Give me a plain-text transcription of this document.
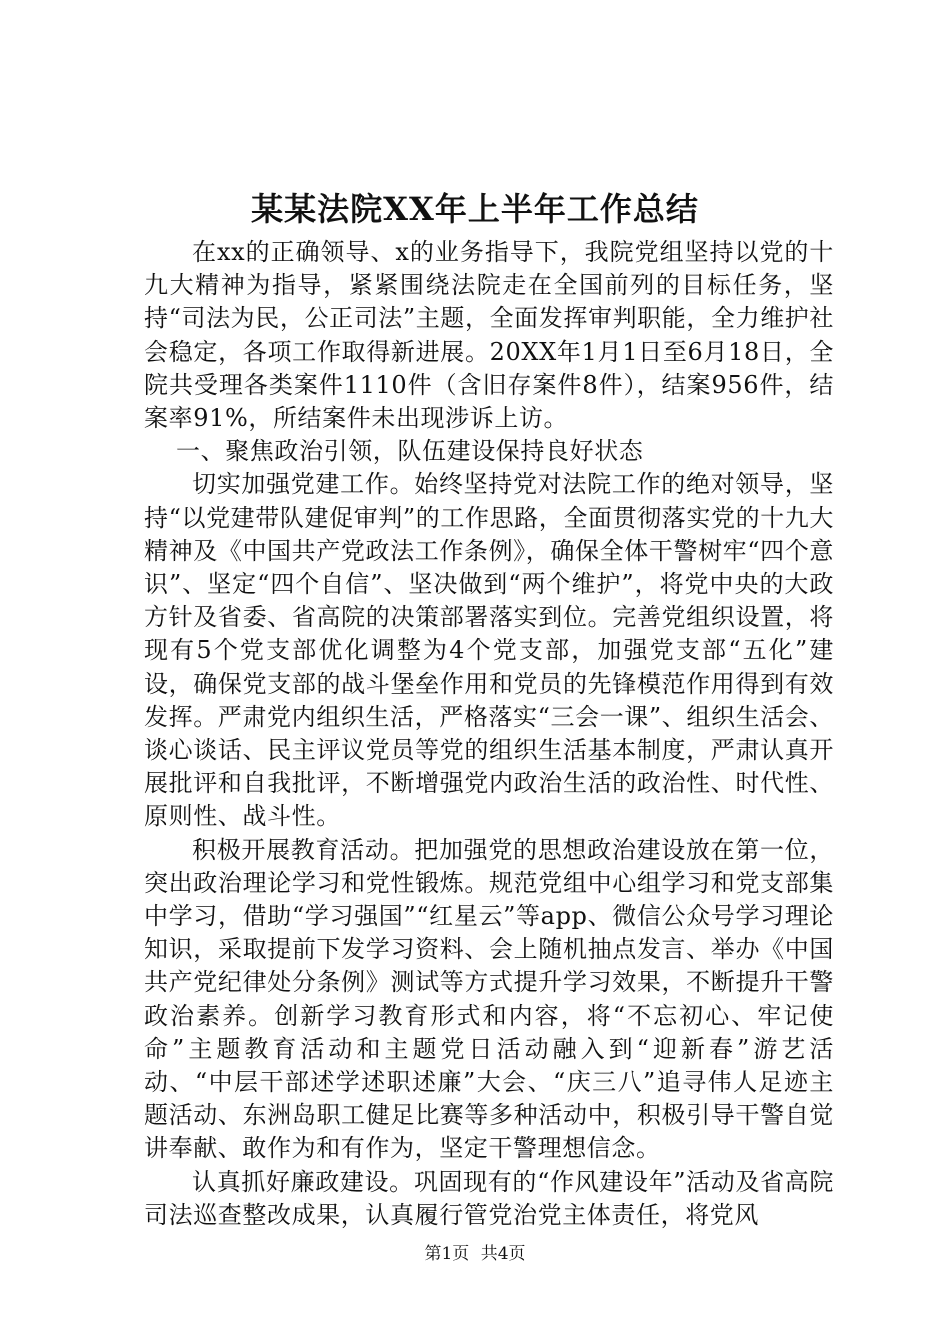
某某法院XX年上半年工作总结

在xx的正确领导、x的业务指导下，我院党组坚持以党的十九大精神为指导，紧紧围绕法院走在全国前列的目标任务，坚持“司法为民，公正司法”主题，全面发挥审判职能，全力维护社会稳定，各项工作取得新进展。20XX年1月1日至6月18日，全院共受理各类案件1110件（含旧存案件8件），结案956件，结案率91%，所结案件未出现涉诉上访。

一、聚焦政治引领，队伍建设保持良好状态

切实加强党建工作。始终坚持党对法院工作的绝对领导，坚持“以党建带队建促审判”的工作思路，全面贯彻落实党的十九大精神及《中国共产党政法工作条例》，确保全体干警树牢“四个意识”、坚定“四个自信”、坚决做到“两个维护”，将党中央的大政方针及省委、省高院的决策部署落实到位。完善党组织设置，将现有5个党支部优化调整为4个党支部，加强党支部“五化”建设，确保党支部的战斗堡垒作用和党员的先锋模范作用得到有效发挥。严肃党内组织生活，严格落实“三会一课”、组织生活会、谈心谈话、民主评议党员等党的组织生活基本制度，严肃认真开展批评和自我批评，不断增强党内政治生活的政治性、时代性、原则性、战斗性。

积极开展教育活动。把加强党的思想政治建设放在第一位，突出政治理论学习和党性锻炼。规范党组中心组学习和党支部集中学习，借助“学习强国”“红星云”等app、微信公众号学习理论知识，采取提前下发学习资料、会上随机抽点发言、举办《中国共产党纪律处分条例》测试等方式提升学习效果，不断提升干警政治素养。创新学习教育形式和内容，将“不忘初心、牢记使命”主题教育活动和主题党日活动融入到“迎新春”游艺活动、“中层干部述学述职述廉”大会、“庆三八”追寻伟人足迹主题活动、东洲岛职工健足比赛等多种活动中，积极引导干警自觉讲奉献、敢作为和有作为，坚定干警理想信念。

认真抓好廉政建设。巩固现有的“作风建设年”活动及省高院司法巡查整改成果，认真履行管党治党主体责任，将党风

第1页 共4页
